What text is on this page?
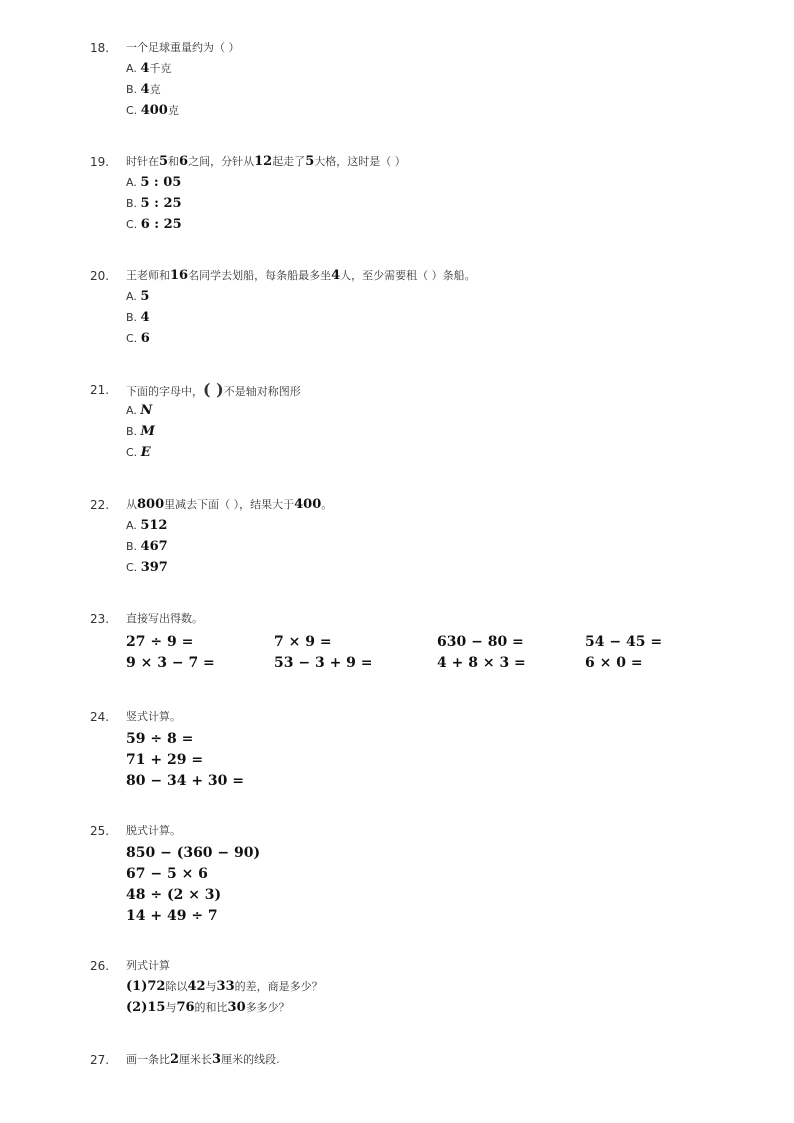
18. 一个足球重量约为（ ）
A. 4千克
B. 4克
C. 400克
19. 时针在5和6之间，分针从12起走了5大格，这时是（ ）
A. 5 : 05
B. 5 : 25
C. 6 : 25
20. 王老师和16名同学去划船，每条船最多坐4人，至少需要租（ ）条船。
A. 5
B. 4
C. 6
21. 下面的字母中，( )不是轴对称图形
A. N
B. M
C. E
22. 从800里减去下面（ ），结果大于400。
A. 512
B. 467
C. 397
23. 直接写出得数。
27 ÷ 9 =	7 × 9 =	630 − 80 =	54 − 45 =
9 × 3 − 7 =	53 − 3 + 9 =	4 + 8 × 3 =	6 × 0 =
24. 竖式计算。
59 ÷ 8 =
71 + 29 =
80 − 34 + 30 =
25. 脱式计算。
850 − (360 − 90)
67 − 5 × 6
48 ÷ (2 × 3)
14 + 49 ÷ 7
26. 列式计算
(1)72除以42与33的差，商是多少？
(2)15与76的和比30多多少？
27. 画一条比2厘米长3厘米的线段.
